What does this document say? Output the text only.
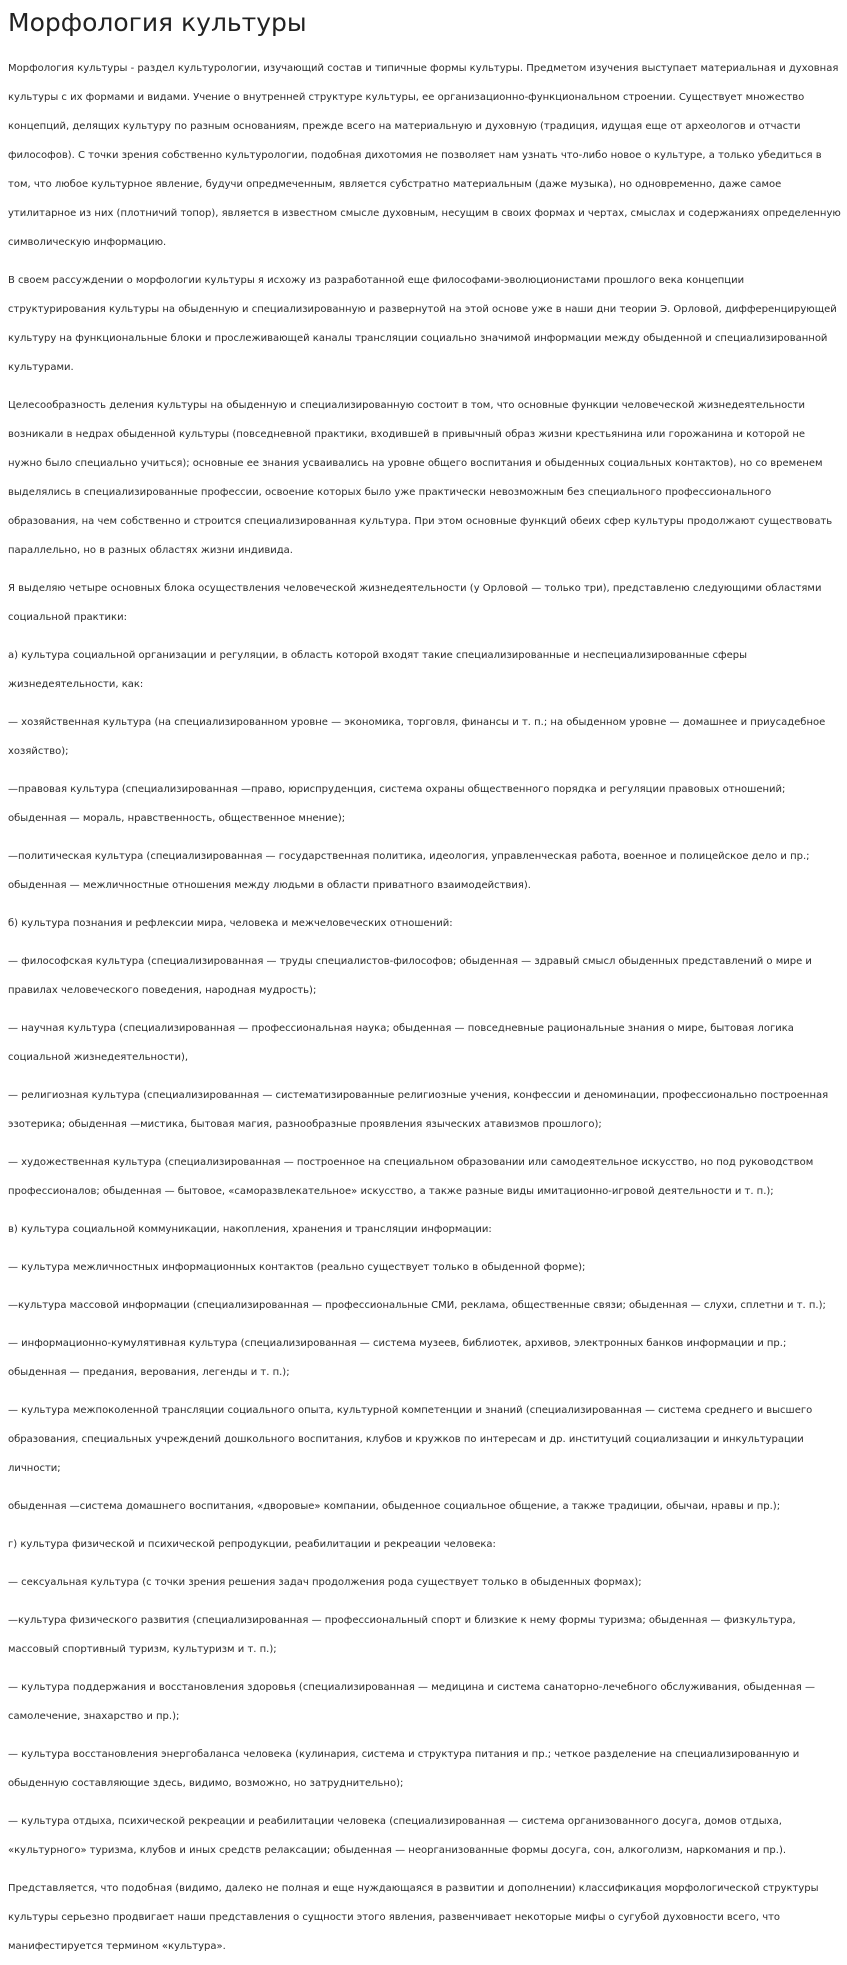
Морфология культуры

Морфология культуры - раздел культурологии, изучающий состав и типичные формы культуры. Предметом изучения выступает материальная и духовная культуры с их формами и видами. Учение о внутренней структуре культуры, ее организационно-функциональном строении. Существует множество концепций, делящих культуру по разным основаниям, прежде всего на материальную и духовную (традиция, идущая еще от археологов и отчасти философов). С точки зрения собственно культурологии, подобная дихотомия не позволяет нам узнать что-либо новое о культуре, а только убедиться в том, что любое культурное явление, будучи опредмеченным, является субстратно материальным (даже музыка), но одновременно, даже самое утилитарное из них (плотничий топор), является в известном смысле духовным, несущим в своих формах и чертах, смыслах и содержаниях определенную символическую информацию.

В своем рассуждении о морфологии культуры я исхожу из разработанной еще философами-эволюционистами прошлого века концепции структурирования культуры на обыденную и специализированную и развернутой на этой основе уже в наши дни теории Э. Орловой, дифференцирующей культуру на функциональные блоки и прослеживающей каналы трансляции социально значимой информации между обыденной и специализированной культурами.

Целесообразность деления культуры на обыденную и специализированную состоит в том, что основные функции человеческой жизнедеятельности возникали в недрах обыденной культуры (повседневной практики, входившей в привычный образ жизни крестьянина или горожанина и которой не нужно было специально учиться); основные ее знания усваивались на уровне общего воспитания и обыденных социальных контактов), но со временем выделялись в специализированные профессии, освоение которых было уже практически невозможным без специального профессионального образования, на чем собственно и строится специализированная культура. При этом основные функций обеих сфер культуры продолжают существовать параллельно, но в разных областях жизни индивида.

Я выделяю четыре основных блока осуществления человеческой жизнедеятельности (у Орловой — только три), представленю следующими областями социальной практики:

а) культура социальной организации и регуляции, в область которой входят такие специализированные и неспециализированные сферы жизнедеятельности, как:

— хозяйственная культура (на специализированном уровне — экономика, торговля, финансы и т. п.; на обыденном уровне — домашнее и приусадебное хозяйство);

—правовая культура (специализированная —право, юриспруденция, система охраны общественного порядка и регуляции правовых отношений; обыденная — мораль, нравственность, общественное мнение);

—политическая культура (специализированная — государственная политика, идеология, управленческая работа, военное и полицейское дело и пр.; обыденная — межличностные отношения между людьми в области приватного взаимодействия).

б) культура познания и рефлексии мира, человека и межчеловеческих отношений:

— философская культура (специализированная — труды специалистов-философов; обыденная — здравый смысл обыденных представлений о мире и правилах человеческого поведения, народная мудрость);

— научная культура (специализированная — профессиональная наука; обыденная — повседневные рациональные знания о мире, бытовая логика социальной жизнедеятельности),

— религиозная культура (специализированная — систематизированные религиозные учения, конфессии и деноминации, профессионально построенная эзотерика; обыденная —мистика, бытовая магия, разнообразные проявления языческих атавизмов прошлого);

— художественная культура (специализированная — построенное на специальном образовании или самодеятельное искусство, но под руководством профессионалов; обыденная — бытовое, «саморазвлекательное» искусство, а также разные виды имитационно-игровой деятельности и т. п.);

в) культура социальной коммуникации, накопления, хранения и трансляции информации:

— культура межличностных информационных контактов (реально существует только в обыденной форме);

—культура массовой информации (специализированная — профессиональные СМИ, реклама, общественные связи; обыденная — слухи, сплетни и т. п.);

— информационно-кумулятивная культура (специализированная — система музеев, библиотек, архивов, электронных банков информации и пр.; обыденная — предания, верования, легенды и т. п.);

— культура межпоколенной трансляции социального опыта, культурной компетенции и знаний (специализированная — система среднего и высшего образования, специальных учреждений дошкольного воспитания, клубов и кружков по интересам и др. институций социализации и инкультурации личности;

обыденная —система домашнего воспитания, «дворовые» компании, обыденное социальное общение, а также традиции, обычаи, нравы и пр.);

г) культура физической и психической репродукции, реабилитации и рекреации человека:

— сексуальная культура (с точки зрения решения задач продолжения рода существует только в обыденных формах);

—культура физического развития (специализированная — профессиональный спорт и близкие к нему формы туризма; обыденная — физкультура, массовый спортивный туризм, культуризм и т. п.);

— культура поддержания и восстановления здоровья (специализированная — медицина и система санаторно-лечебного обслуживания, обыденная —самолечение, знахарство и пр.);

— культура восстановления энергобаланса человека (кулинария, система и структура питания и пр.; четкое разделение на специализированную и обыденную составляющие здесь, видимо, возможно, но затруднительно);

— культура отдыха, психической рекреации и реабилитации человека (специализированная — система организованного досуга, домов отдыха, «культурного» туризма, клубов и иных средств релаксации; обыденная — неорганизованные формы досуга, сон, алкоголизм, наркомания и пр.).

Представляется, что подобная (видимо, далеко не полная и еще нуждающаяся в развитии и дополнении) классификация морфологической структуры культуры серьезно продвигает наши представления о сущности этого явления, развенчивает некоторые мифы о сугубой духовности всего, что манифестируется термином «культура».
